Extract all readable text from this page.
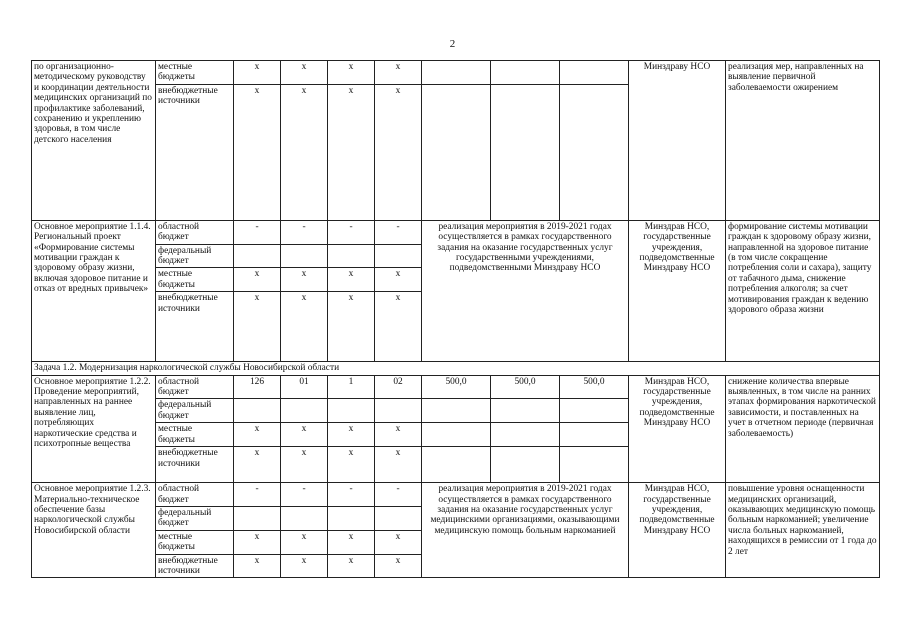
2
по организационно-методическому руководству и координации деятельности медицинских организаций по профилактике заболеваний, сохранению и укреплению здоровья, в том числе детского населения	местные бюджеты	x	x	x	x				Минздраву НСО	реализация мер, направленных на выявление первичной заболеваемости ожирением
	внебюджетные источники	x	x	x	x					
Основное мероприятие 1.1.4. Региональный проект «Формирование системы мотивации граждан к здоровому образу жизни, включая здоровое питание и отказ от вредных привычек»	областной бюджет	-	-	-	-	реализация мероприятия в 2019-2021 годах осуществляется в рамках государственного задания на оказание государственных услуг государственными учреждениями, подведомственными Минздраву НСО			Минздрав НСО, государственные учреждения, подведомственные Минздраву НСО	формирование системы мотивации граждан к здоровому образу жизни, направленной на здоровое питание (в том числе сокращение потребления соли и сахара), защиту от табачного дыма, снижение потребления алкоголя; за счет мотивирования граждан к ведению здорового образа жизни
	федеральный бюджет									
	местные бюджеты	x	x	x	x					
	внебюджетные источники	x	x	x	x					
Задача 1.2. Модернизация наркологической службы Новосибирской области										
Основное мероприятие 1.2.2. Проведение мероприятий, направленных на раннее выявление лиц, потребляющих наркотические средства и психотропные вещества	областной бюджет	126	01	1	02	500,0	500,0	500,0	Минздрав НСО, государственные учреждения, подведомственные Минздраву НСО	снижение количества впервые выявленных, в том числе на ранних этапах формирования наркотической зависимости, и поставленных на учет в отчетном периоде (первичная заболеваемость)
	федеральный бюджет									
	местные бюджеты	x	x	x	x					
	внебюджетные источники	x	x	x	x					
Основное мероприятие 1.2.3. Материально-техническое обеспечение базы наркологической службы Новосибирской области	областной бюджет	-	-	-	-	реализация мероприятия в 2019-2021 годах осуществляется в рамках государственного задания на оказание государственных услуг медицинскими организациями, оказывающими медицинскую помощь больным наркоманией			Минздрав НСО, государственные учреждения, подведомственные Минздраву НСО	повышение уровня оснащенности медицинских организаций, оказывающих медицинскую помощь больным наркоманией; увеличение числа больных наркоманией, находящихся в ремиссии от 1 года до 2 лет
	федеральный бюджет									
	местные бюджеты	x	x	x	x					
	внебюджетные источники	x	x	x	x					
